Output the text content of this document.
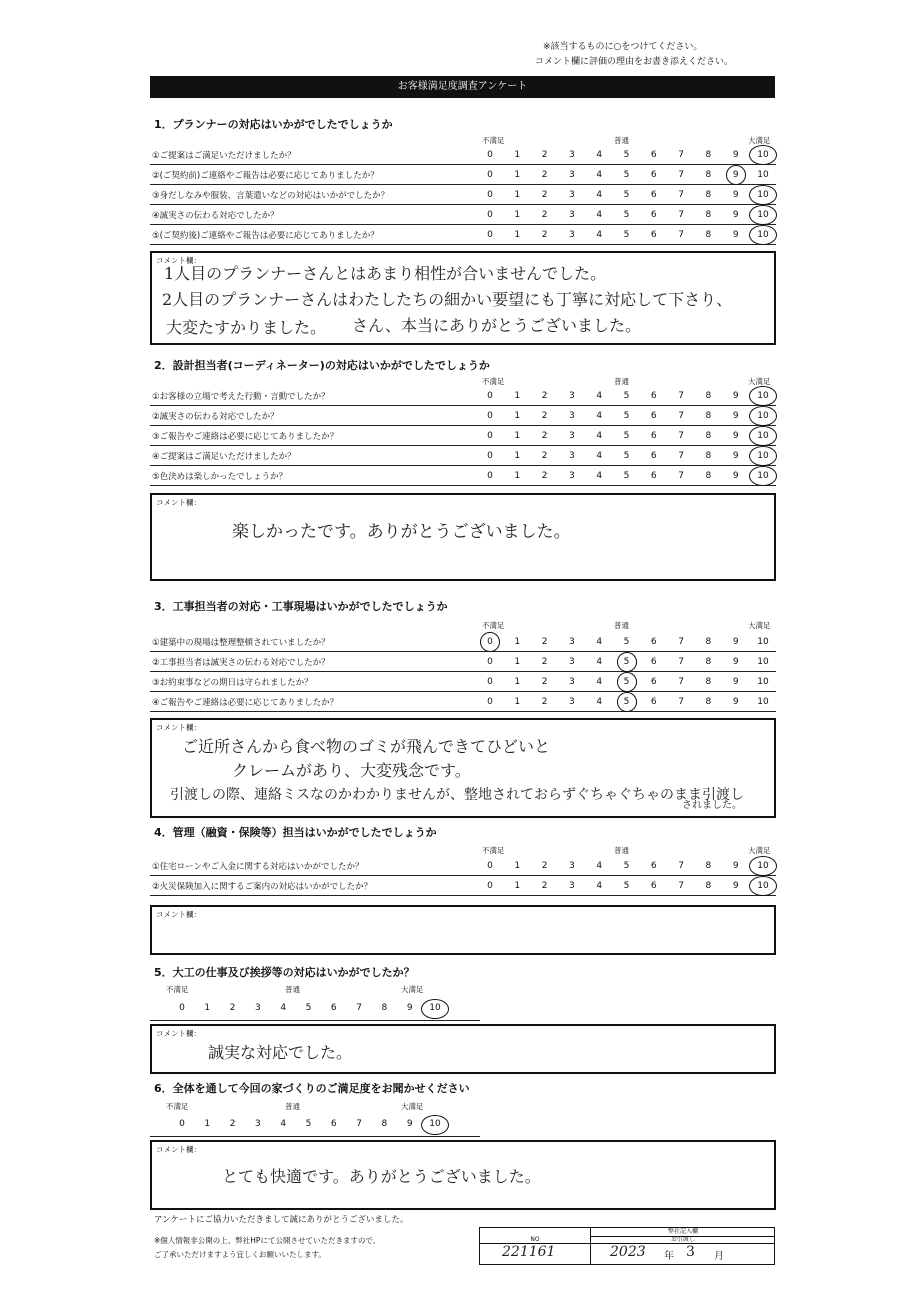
※該当するものに○をつけてください。
コメント欄に評価の理由をお書き添えください。
お客様満足度調査アンケート
1．プランナーの対応はいかがでしたでしょうか
不満足	普通	大満足
①ご提案はご満足いただけましたか？	0	1	2	3	4	5	6	7	8	9	10
②(ご契約前)ご連絡やご報告は必要に応じてありましたか？	0	1	2	3	4	5	6	7	8	9	10
③身だしなみや服装、言葉遣いなどの対応はいかがでしたか？	0	1	2	3	4	5	6	7	8	9	10
④誠実さの伝わる対応でしたか？	0	1	2	3	4	5	6	7	8	9	10
⑤(ご契約後)ご連絡やご報告は必要に応じてありましたか？	0	1	2	3	4	5	6	7	8	9	10
コメント欄：
1人目のプランナーさんとはあまり相性が合いませんでした。
2人目のプランナーさんはわたしたちの細かい要望にも丁寧に対応して下さり、
大変たすかりました。 さん、本当にありがとうございました。
2．設計担当者(コーディネーター)の対応はいかがでしたでしょうか
不満足	普通	大満足
①お客様の立場で考えた行動・言動でしたか？	0	1	2	3	4	5	6	7	8	9	10
②誠実さの伝わる対応でしたか？	0	1	2	3	4	5	6	7	8	9	10
③ご報告やご連絡は必要に応じてありましたか？	0	1	2	3	4	5	6	7	8	9	10
④ご提案はご満足いただけましたか？	0	1	2	3	4	5	6	7	8	9	10
⑤色決めは楽しかったでしょうか？	0	1	2	3	4	5	6	7	8	9	10
コメント欄：
楽しかったです。ありがとうございました。
3．工事担当者の対応・工事現場はいかがでしたでしょうか
不満足	普通	大満足
①建築中の現場は整理整頓されていましたか？	0	1	2	3	4	5	6	7	8	9	10
②工事担当者は誠実さの伝わる対応でしたか？	0	1	2	3	4	5	6	7	8	9	10
③お約束事などの期日は守られましたか？	0	1	2	3	4	5	6	7	8	9	10
④ご報告やご連絡は必要に応じてありましたか？	0	1	2	3	4	5	6	7	8	9	10
コメント欄：
ご近所さんから食べ物のゴミが飛んできてひどいと
クレームがあり、大変残念です。
引渡しの際、連絡ミスなのかわかりませんが、整地されておらずぐちゃぐちゃのまま引渡し
されました。
4．管理（融資・保険等）担当はいかがでしたでしょうか
不満足	普通	大満足
①住宅ローンやご入金に関する対応はいかがでしたか？	0	1	2	3	4	5	6	7	8	9	10
②火災保険加入に関するご案内の対応はいかがでしたか？	0	1	2	3	4	5	6	7	8	9	10
コメント欄：
5．大工の仕事及び挨拶等の対応はいかがでしたか？
不満足	普通	大満足
0	1	2	3	4	5	6	7	8	9	10
コメント欄：
誠実な対応でした。
6．全体を通して今回の家づくりのご満足度をお聞かせください
不満足	普通	大満足
0	1	2	3	4	5	6	7	8	9	10
コメント欄：
とても快適です。ありがとうございました。
アンケートにご協力いただきまして誠にありがとうございました。
※個人情報非公開の上、弊社HPにて公開させていただきますので、
ご了承いただけますよう宜しくお願いいたします。
弊社記入欄
NO	お引渡し
221161	2023 年 3 月
